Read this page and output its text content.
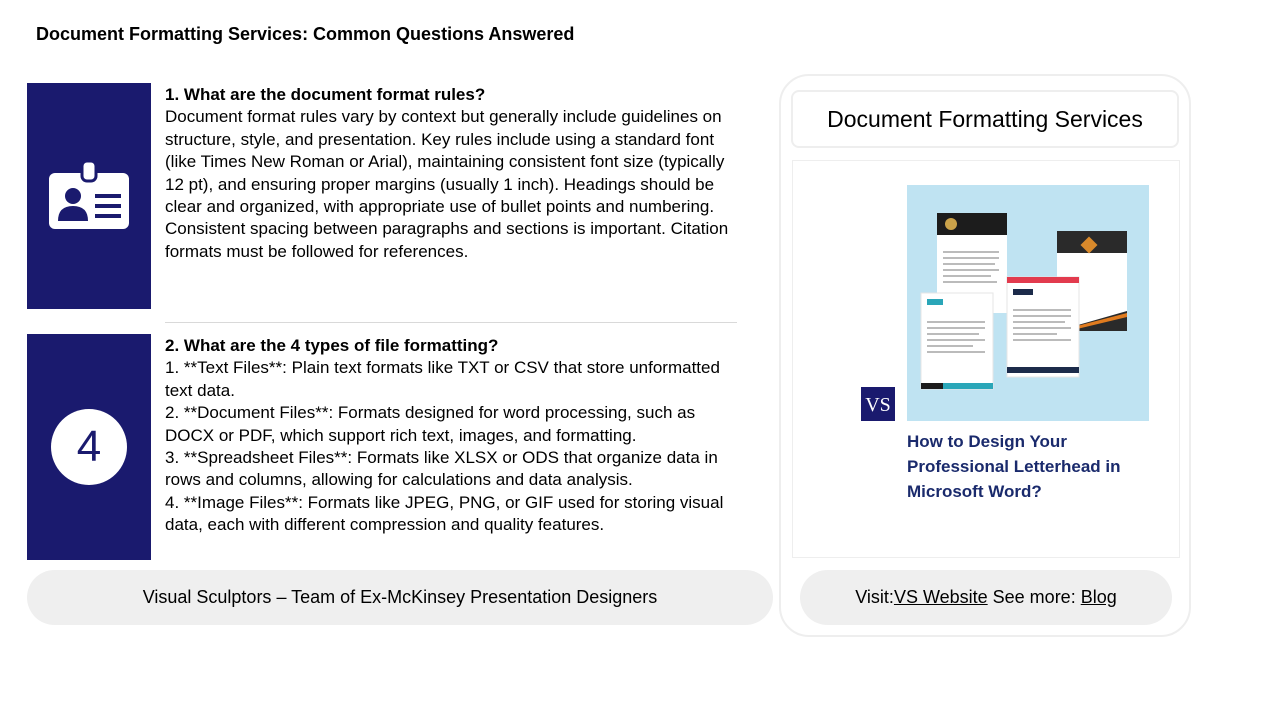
Document Formatting Services: Common Questions Answered
1. What are the document format rules?
Document format rules vary by context but generally include guidelines on structure, style, and presentation. Key rules include using a standard font (like Times New Roman or Arial), maintaining consistent font size (typically 12 pt), and ensuring proper margins (usually 1 inch). Headings should be clear and organized, with appropriate use of bullet points and numbering. Consistent spacing between paragraphs and sections is important. Citation formats must be followed for references.
4
2. What are the 4 types of file formatting?
1. **Text Files**: Plain text formats like TXT or CSV that store unformatted text data.
2. **Document Files**: Formats designed for word processing, such as DOCX or PDF, which support rich text, images, and formatting.
3. **Spreadsheet Files**: Formats like XLSX or ODS that organize data in rows and columns, allowing for calculations and data analysis.
4. **Image Files**: Formats like JPEG, PNG, or GIF used for storing visual data, each with different compression and quality features.
Visual Sculptors – Team of Ex-McKinsey Presentation Designers
Document Formatting Services
VS
How to Design Your
Professional Letterhead in
Microsoft Word?
Visit: VS Website See more: Blog
